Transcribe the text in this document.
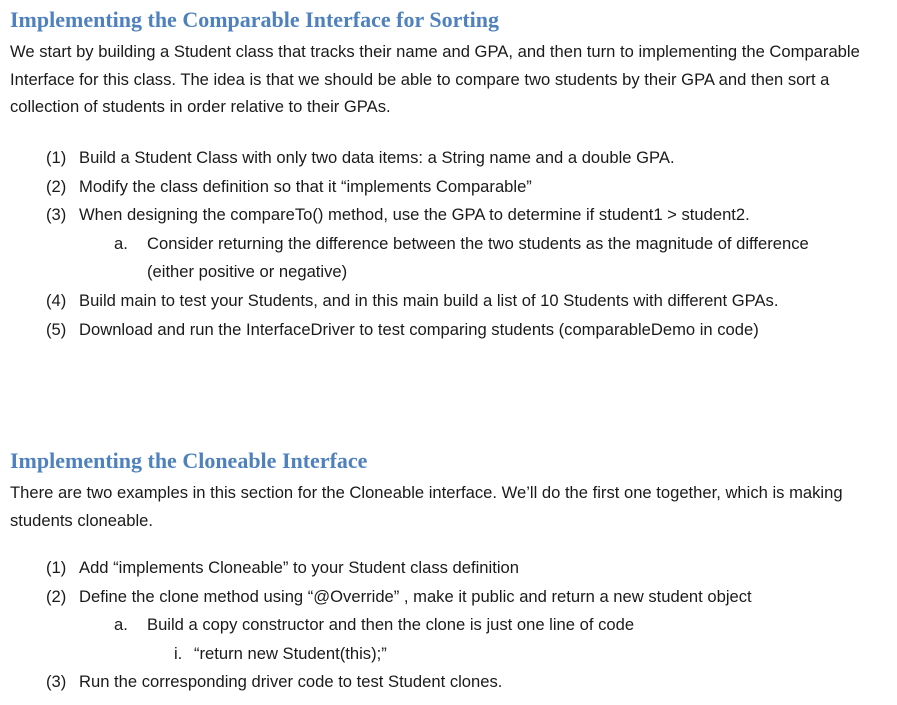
Implementing the Comparable Interface for Sorting

We start by building a Student class that tracks their name and GPA, and then turn to implementing the Comparable Interface for this class. The idea is that we should be able to compare two students by their GPA and then sort a collection of students in order relative to their GPAs.

(1) Build a Student Class with only two data items: a String name and a double GPA.
(2) Modify the class definition so that it “implements Comparable”
(3) When designing the compareTo() method, use the GPA to determine if student1 > student2.
a.	Consider returning the difference between the two students as the magnitude of difference (either positive or negative)
(4) Build main to test your Students, and in this main build a list of 10 Students with different GPAs.
(5) Download and run the InterfaceDriver to test comparing students (comparableDemo in code)
Implementing the Cloneable Interface

There are two examples in this section for the Cloneable interface. We’ll do the first one together, which is making students cloneable.

(1) Add “implements Cloneable” to your Student class definition
(2) Define the clone method using “@Override” , make it public and return a new student object
a.	Build a copy constructor and then the clone is just one line of code
i. “return new Student(this);”
(3) Run the corresponding driver code to test Student clones.
